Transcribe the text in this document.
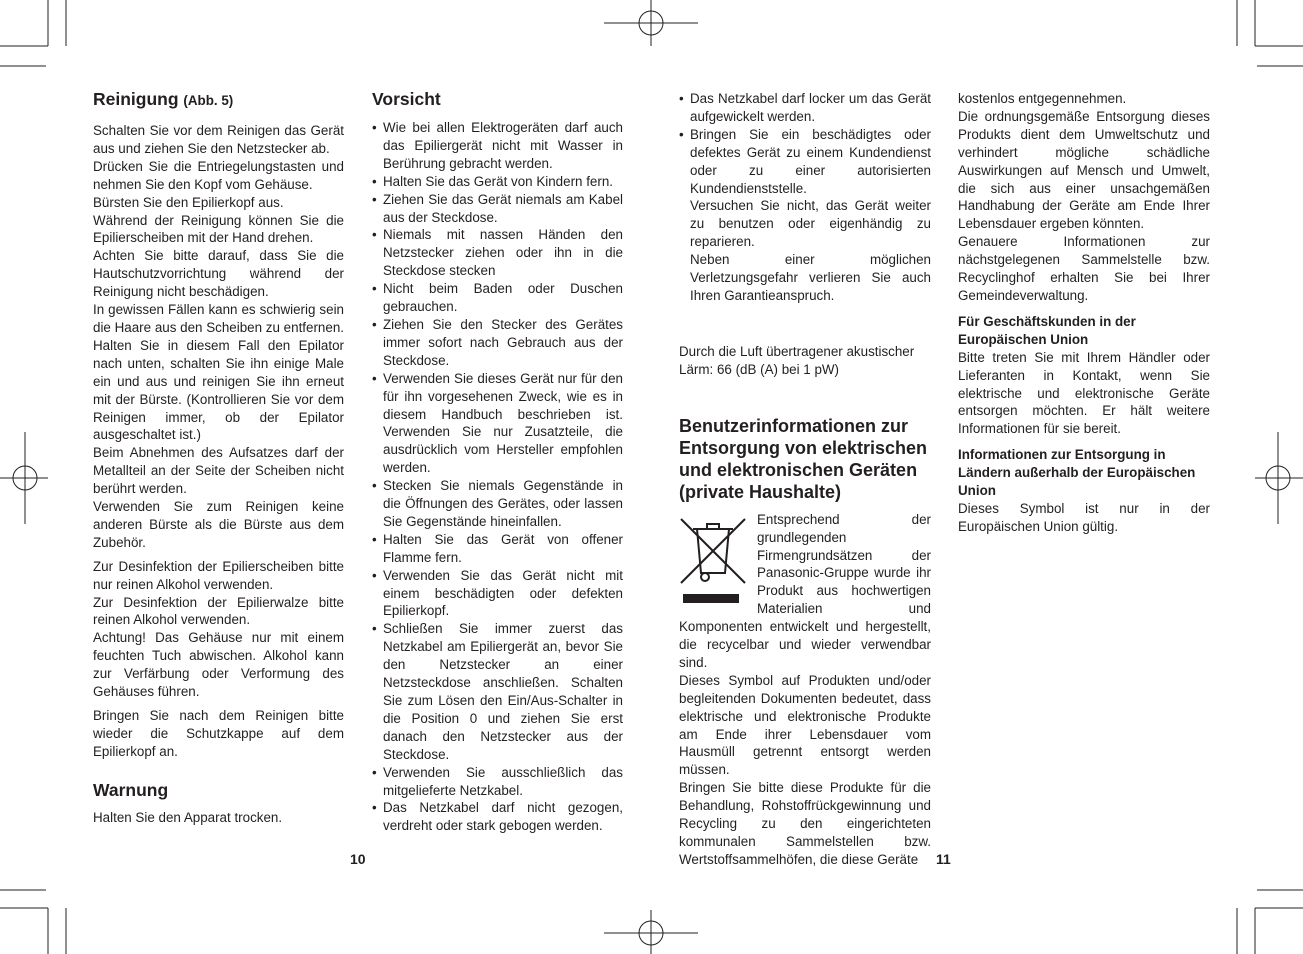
Reinigung (Abb. 5)

Schalten Sie vor dem Reinigen das Gerät aus und ziehen Sie den Netzstecker ab.

Drücken Sie die Entriegelungstasten und nehmen Sie den Kopf vom Gehäuse.

Bürsten Sie den Epilierkopf aus.

Während der Reinigung können Sie die Epilierscheiben mit der Hand drehen.

Achten Sie bitte darauf, dass Sie die Hautschutzvorrichtung während der Reinigung nicht beschädigen.

In gewissen Fällen kann es schwierig sein die Haare aus den Scheiben zu entfernen. Halten Sie in diesem Fall den Epilator nach unten, schalten Sie ihn einige Male ein und aus und reinigen Sie ihn erneut mit der Bürste. (Kontrollieren Sie vor dem Reinigen immer, ob der Epilator ausgeschaltet ist.)

Beim Abnehmen des Aufsatzes darf der Metallteil an der Seite der Scheiben nicht berührt werden.

Verwenden Sie zum Reinigen keine anderen Bürste als die Bürste aus dem Zubehör.

Zur Desinfektion der Epilierscheiben bitte nur reinen Alkohol verwenden.

Zur Desinfektion der Epilierwalze bitte reinen Alkohol verwenden.

Achtung! Das Gehäuse nur mit einem feuchten Tuch abwischen. Alkohol kann zur Verfärbung oder Verformung des Gehäuses führen.

Bringen Sie nach dem Reinigen bitte wieder die Schutzkappe auf dem Epilierkopf an.

Warnung

Halten Sie den Apparat trocken.

Vorsicht
• Wie bei allen Elektrogeräten darf auch das Epiliergerät nicht mit Wasser in Berührung gebracht werden.
• Halten Sie das Gerät von Kindern fern.
• Ziehen Sie das Gerät niemals am Kabel aus der Steckdose.
• Niemals mit nassen Händen den Netzstecker ziehen oder ihn in die Steckdose stecken
• Nicht beim Baden oder Duschen gebrauchen.
• Ziehen Sie den Stecker des Gerätes immer sofort nach Gebrauch aus der Steckdose.
• Verwenden Sie dieses Gerät nur für den für ihn vorgesehenen Zweck, wie es in diesem Handbuch beschrieben ist. Verwenden Sie nur Zusatzteile, die ausdrücklich vom Hersteller empfohlen werden.
• Stecken Sie niemals Gegenstände in die Öffnungen des Gerätes, oder lassen Sie Gegenstände hineinfallen.
• Halten Sie das Gerät von offener Flamme fern.
• Verwenden Sie das Gerät nicht mit einem beschädigten oder defekten Epilierkopf.
• Schließen Sie immer zuerst das Netzkabel am Epiliergerät an, bevor Sie den Netzstecker an einer Netzsteckdose anschließen. Schalten Sie zum Lösen den Ein/Aus-Schalter in die Position 0 und ziehen Sie erst danach den Netzstecker aus der Steckdose.
• Verwenden Sie ausschließlich das mitgelieferte Netzkabel.
• Das Netzkabel darf nicht gezogen, verdreht oder stark gebogen werden.
10
• Das Netzkabel darf locker um das Gerät aufgewickelt werden.
• Bringen Sie ein beschädigtes oder defektes Gerät zu einem Kundendienst oder zu einer autorisierten Kundendienststelle.
Versuchen Sie nicht, das Gerät weiter zu benutzen oder eigenhändig zu reparieren.
Neben einer möglichen Verletzungsgefahr verlieren Sie auch Ihren Garantieanspruch.

Durch die Luft übertragener akustischer Lärm: 66 (dB (A) bei 1 pW)

Benutzerinformationen zur Entsorgung von elektrischen und elektronischen Geräten (private Haushalte)

Entsprechend der grundlegenden Firmengrundsätzen der Panasonic-Gruppe wurde ihr Produkt aus hochwertigen Materialien und Komponenten entwickelt und hergestellt, die recycelbar und wieder verwendbar sind.

Dieses Symbol auf Produkten und/oder begleitenden Dokumenten bedeutet, dass elektrische und elektronische Produkte am Ende ihrer Lebensdauer vom Hausmüll getrennt entsorgt werden müssen.

Bringen Sie bitte diese Produkte für die Behandlung, Rohstoffrückgewinnung und Recycling zu den eingerichteten kommunalen Sammelstellen bzw. Wertstoffsammelhöfen, die diese Geräte

kostenlos entgegennehmen.

Die ordnungsgemäße Entsorgung dieses Produkts dient dem Umweltschutz und verhindert mögliche schädliche Auswirkungen auf Mensch und Umwelt, die sich aus einer unsachgemäßen Handhabung der Geräte am Ende Ihrer Lebensdauer ergeben könnten.

Genauere Informationen zur nächstgelegenen Sammelstelle bzw. Recyclinghof erhalten Sie bei Ihrer Gemeindeverwaltung.

Für Geschäftskunden in der Europäischen Union

Bitte treten Sie mit Ihrem Händler oder Lieferanten in Kontakt, wenn Sie elektrische und elektronische Geräte entsorgen möchten. Er hält weitere Informationen für sie bereit.

Informationen zur Entsorgung in Ländern außerhalb der Europäischen Union

Dieses Symbol ist nur in der Europäischen Union gültig.

11
